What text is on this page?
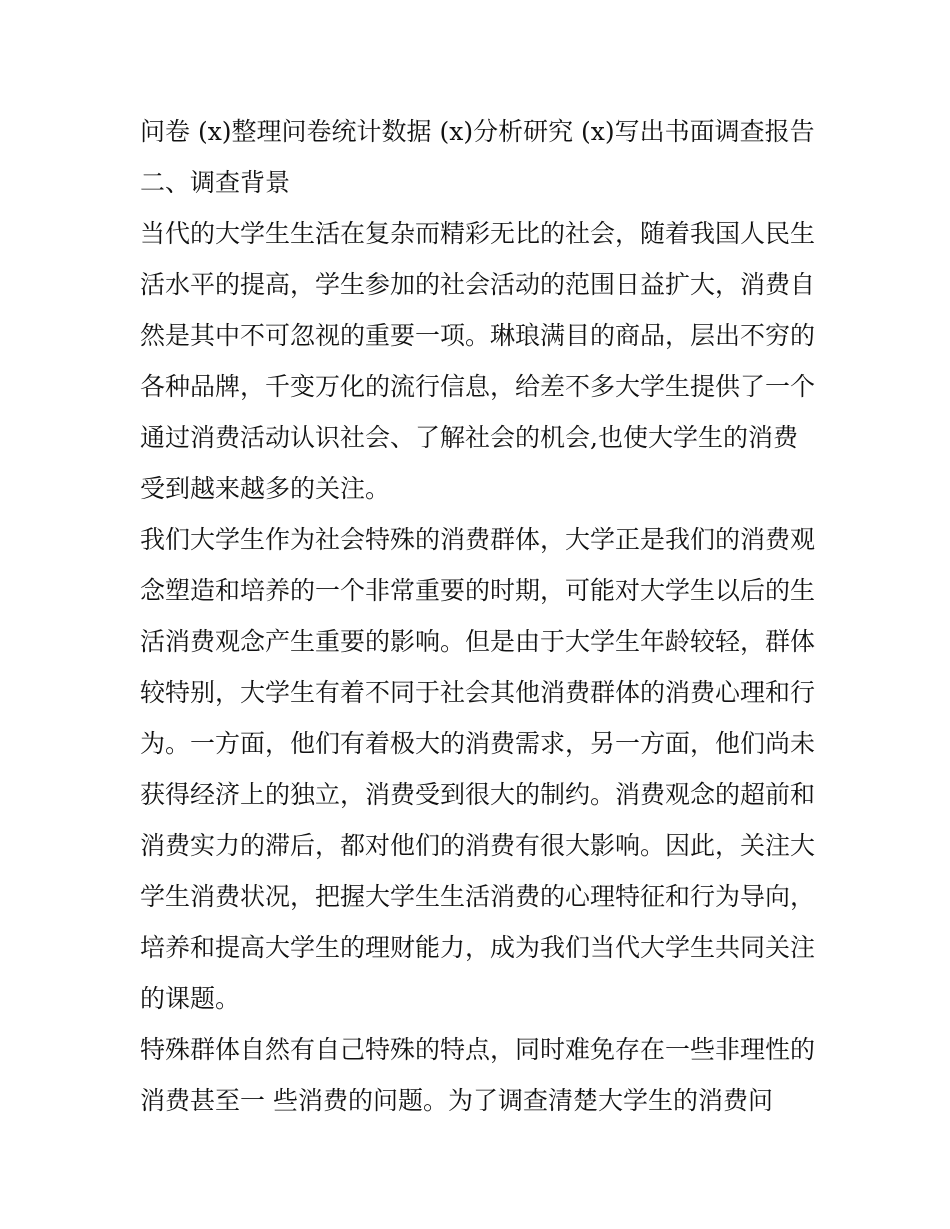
问卷 (x)整理问卷统计数据 (x)分析研究 (x)写出书面调查报告
二、调查背景
当代的大学生生活在复杂而精彩无比的社会，随着我国人民生
活水平的提高，学生参加的社会活动的范围日益扩大，消费自
然是其中不可忽视的重要一项。琳琅满目的商品，层出不穷的
各种品牌，千变万化的流行信息，给差不多大学生提供了一个
通过消费活动认识社会、了解社会的机会,也使大学生的消费
受到越来越多的关注。
我们大学生作为社会特殊的消费群体，大学正是我们的消费观
念塑造和培养的一个非常重要的时期，可能对大学生以后的生
活消费观念产生重要的影响。但是由于大学生年龄较轻，群体
较特别，大学生有着不同于社会其他消费群体的消费心理和行
为。一方面，他们有着极大的消费需求，另一方面，他们尚未
获得经济上的独立，消费受到很大的制约。消费观念的超前和
消费实力的滞后，都对他们的消费有很大影响。因此，关注大
学生消费状况，把握大学生生活消费的心理特征和行为导向，
培养和提高大学生的理财能力，成为我们当代大学生共同关注
的课题。
特殊群体自然有自己特殊的特点，同时难免存在一些非理性的
消费甚至一 些消费的问题。为了调查清楚大学生的消费问
